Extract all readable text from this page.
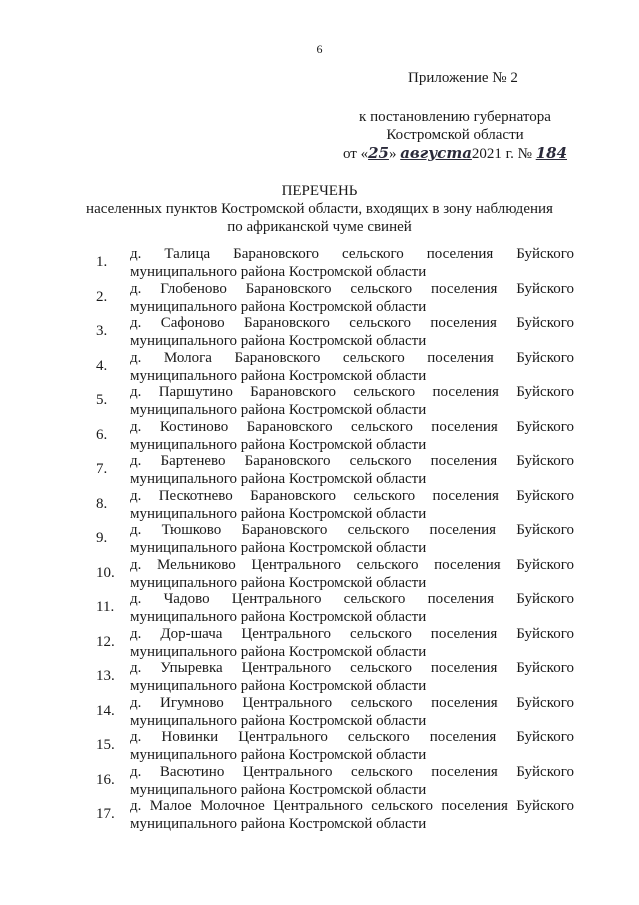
6
Приложение № 2
к постановлению губернатора
Костромской области
от «25» августа2021 г. № 184
ПЕРЕЧЕНЬ
населенных пунктов Костромской области, входящих в зону наблюдения
по африканской чуме свиней
1.	д. Талица Барановского сельского поселения Буйского
муниципального района Костромской области
2.	д. Глобеново Барановского сельского поселения Буйского
муниципального района Костромской области
3.	д. Сафоново Барановского сельского поселения Буйского
муниципального района Костромской области
4.	д. Молога Барановского сельского поселения Буйского
муниципального района Костромской области
5.	д. Паршутино Барановского сельского поселения Буйского
муниципального района Костромской области
6.	д. Костиново Барановского сельского поселения Буйского
муниципального района Костромской области
7.	д. Бартенево Барановского сельского поселения Буйского
муниципального района Костромской области
8.	д. Пескотнево Барановского сельского поселения Буйского
муниципального района Костромской области
9.	д. Тюшково Барановского сельского поселения Буйского
муниципального района Костромской области
10.	д. Мельниково Центрального сельского поселения Буйского
муниципального района Костромской области
11.	д. Чадово Центрального сельского поселения Буйского
муниципального района Костромской области
12.	д. Дор-шача Центрального сельского поселения Буйского
муниципального района Костромской области
13.	д. Упыревка Центрального сельского поселения Буйского
муниципального района Костромской области
14.	д. Игумново Центрального сельского поселения Буйского
муниципального района Костромской области
15.	д. Новинки Центрального сельского поселения Буйского
муниципального района Костромской области
16.	д. Васютино Центрального сельского поселения Буйского
муниципального района Костромской области
17.	д. Малое Молочное Центрального сельского поселения Буйского
муниципального района Костромской области
